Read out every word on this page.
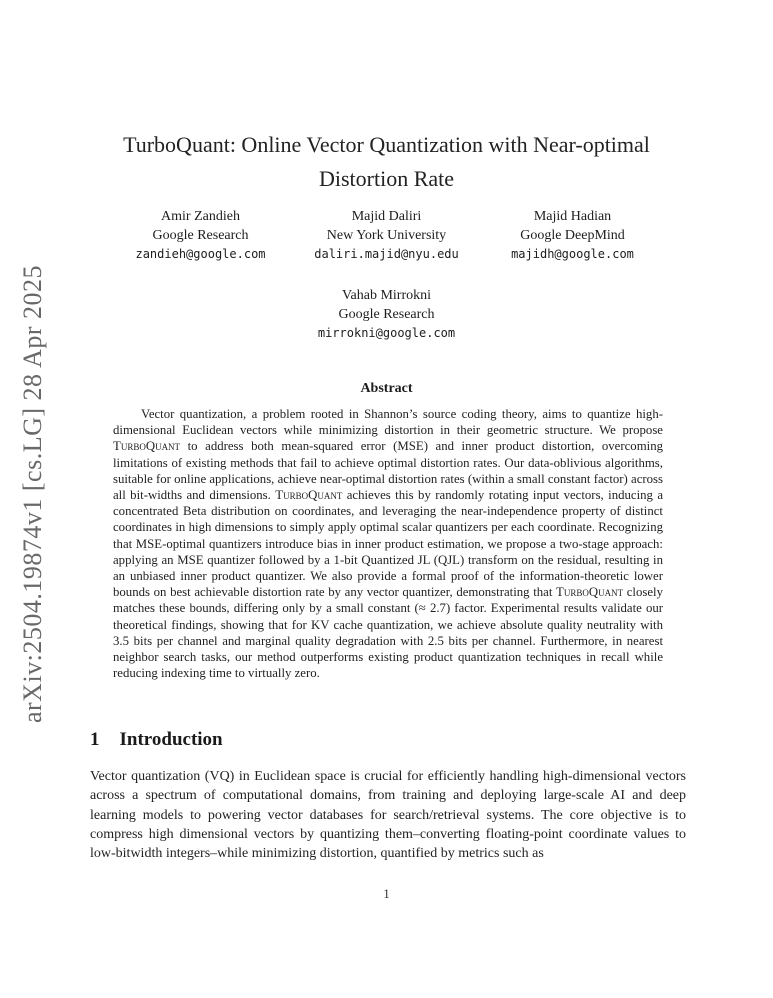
arXiv:2504.19874v1 [cs.LG] 28 Apr 2025
TurboQuant: Online Vector Quantization with Near-optimal
Distortion Rate
Amir Zandieh
Google Research
zandieh@google.com
Majid Daliri
New York University
daliri.majid@nyu.edu
Majid Hadian
Google DeepMind
majidh@google.com
Vahab Mirrokni
Google Research
mirrokni@google.com
Abstract
Vector quantization, a problem rooted in Shannon’s source coding theory, aims to quantize high-dimensional Euclidean vectors while minimizing distortion in their geometric structure. We propose TurboQuant to address both mean-squared error (MSE) and inner product distortion, overcoming limitations of existing methods that fail to achieve optimal distortion rates. Our data-oblivious algorithms, suitable for online applications, achieve near-optimal distortion rates (within a small constant factor) across all bit-widths and dimensions. TurboQuant achieves this by randomly rotating input vectors, inducing a concentrated Beta distribution on coordinates, and leveraging the near-independence property of distinct coordinates in high dimensions to simply apply optimal scalar quantizers per each coordinate. Recognizing that MSE-optimal quantizers introduce bias in inner product estimation, we propose a two-stage approach: applying an MSE quantizer followed by a 1-bit Quantized JL (QJL) transform on the residual, resulting in an unbiased inner product quantizer. We also provide a formal proof of the information-theoretic lower bounds on best achievable distortion rate by any vector quantizer, demonstrating that TurboQuant closely matches these bounds, differing only by a small constant (≈ 2.7) factor. Experimental results validate our theoretical findings, showing that for KV cache quantization, we achieve absolute quality neutrality with 3.5 bits per channel and marginal quality degradation with 2.5 bits per channel. Furthermore, in nearest neighbor search tasks, our method outperforms existing product quantization techniques in recall while reducing indexing time to virtually zero.
1 Introduction
Vector quantization (VQ) in Euclidean space is crucial for efficiently handling high-dimensional vectors across a spectrum of computational domains, from training and deploying large-scale AI and deep learning models to powering vector databases for search/retrieval systems. The core objective is to compress high dimensional vectors by quantizing them–converting floating-point coordinate values to low-bitwidth integers–while minimizing distortion, quantified by metrics such as
1
